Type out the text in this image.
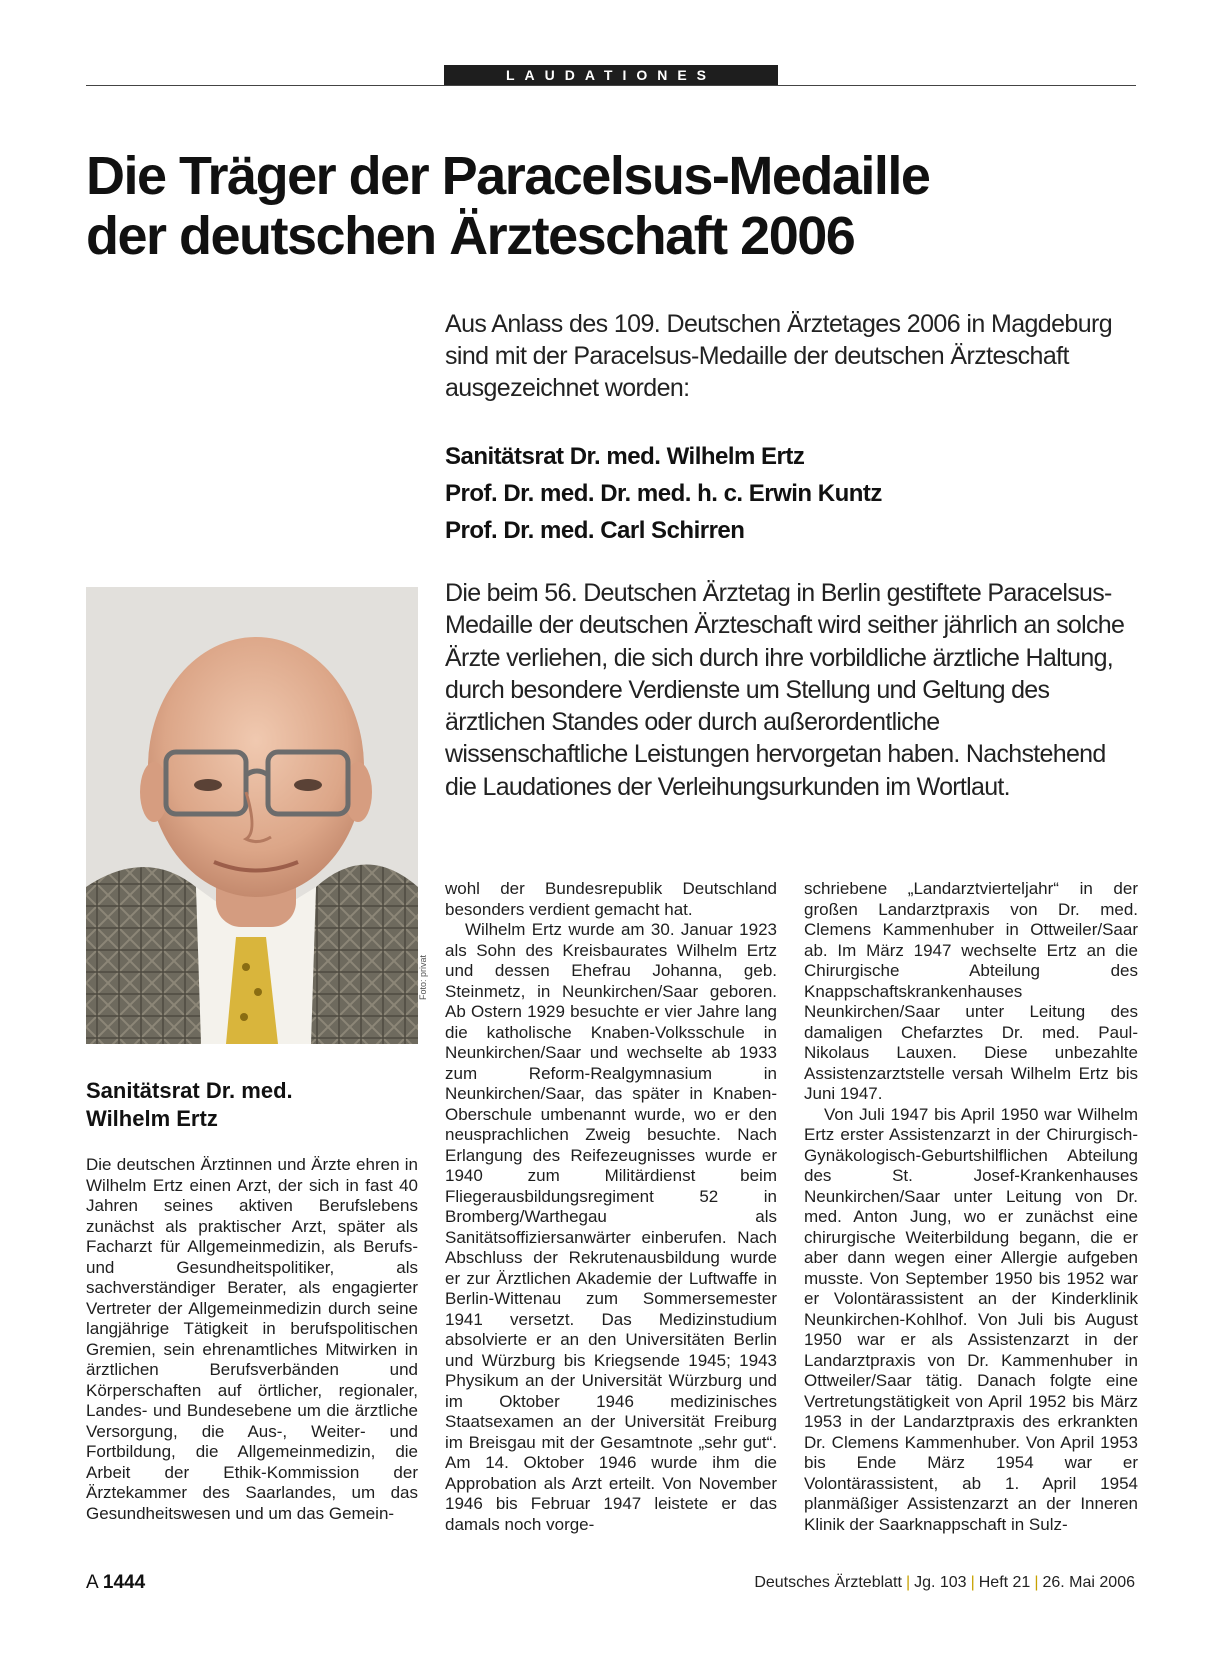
LAUDATIONES
Die Träger der Paracelsus-Medaille
der deutschen Ärzteschaft 2006

Aus Anlass des 109. Deutschen Ärztetages 2006 in Magdeburg sind mit der Paracelsus-Medaille der deutschen Ärzteschaft ausgezeichnet worden:

Sanitätsrat Dr. med. Wilhelm Ertz
Prof. Dr. med. Dr. med. h. c. Erwin Kuntz
Prof. Dr. med. Carl Schirren

Die beim 56. Deutschen Ärztetag in Berlin gestiftete Paracelsus-Medaille der deutschen Ärzteschaft wird seither jährlich an solche Ärzte verliehen, die sich durch ihre vorbildliche ärztliche Haltung, durch besondere Verdienste um Stellung und Geltung des ärztlichen Standes oder durch außerordentliche wissenschaftliche Leistungen hervorgetan haben. Nachstehend die Laudationes der Verleihungsurkunden im Wortlaut.

Foto: privat
Sanitätsrat Dr. med.
Wilhelm Ertz

Die deutschen Ärztinnen und Ärzte ehren in Wilhelm Ertz einen Arzt, der sich in fast 40 Jahren seines aktiven Berufslebens zunächst als praktischer Arzt, später als Facharzt für Allgemeinmedizin, als Berufs- und Gesundheitspolitiker, als sachverständiger Berater, als engagierter Vertreter der Allgemeinmedizin durch seine langjährige Tätigkeit in berufspolitischen Gremien, sein ehrenamtliches Mitwirken in ärztlichen Berufsverbänden und Körperschaften auf örtlicher, regionaler, Landes- und Bundesebene um die ärztliche Versorgung, die Aus-, Weiter- und Fortbildung, die Allgemeinmedizin, die Arbeit der Ethik-Kommission der Ärztekammer des Saarlandes, um das Gesundheitswesen und um das Gemein-

wohl der Bundesrepublik Deutschland besonders verdient gemacht hat.

Wilhelm Ertz wurde am 30. Januar 1923 als Sohn des Kreisbaurates Wilhelm Ertz und dessen Ehefrau Johanna, geb. Steinmetz, in Neunkirchen/Saar geboren. Ab Ostern 1929 besuchte er vier Jahre lang die katholische Knaben-Volksschule in Neunkirchen/Saar und wechselte ab 1933 zum Reform-Realgymnasium in Neunkirchen/Saar, das später in Knaben-Oberschule umbenannt wurde, wo er den neusprachlichen Zweig besuchte. Nach Erlangung des Reifezeugnisses wurde er 1940 zum Militärdienst beim Fliegerausbildungsregiment 52 in Bromberg/Warthegau als Sanitätsoffiziersanwärter einberufen. Nach Abschluss der Rekrutenausbildung wurde er zur Ärztlichen Akademie der Luftwaffe in Berlin-Wittenau zum Sommersemester 1941 versetzt. Das Medizinstudium absolvierte er an den Universitäten Berlin und Würzburg bis Kriegsende 1945; 1943 Physikum an der Universität Würzburg und im Oktober 1946 medizinisches Staatsexamen an der Universität Freiburg im Breisgau mit der Gesamtnote „sehr gut“. Am 14. Oktober 1946 wurde ihm die Approbation als Arzt erteilt. Von November 1946 bis Februar 1947 leistete er das damals noch vorge-

schriebene „Landarztvierteljahr“ in der großen Landarztpraxis von Dr. med. Clemens Kammenhuber in Ottweiler/Saar ab. Im März 1947 wechselte Ertz an die Chirurgische Abteilung des Knappschaftskrankenhauses Neunkirchen/Saar unter Leitung des damaligen Chefarztes Dr. med. Paul-Nikolaus Lauxen. Diese unbezahlte Assistenzarztstelle versah Wilhelm Ertz bis Juni 1947.

Von Juli 1947 bis April 1950 war Wilhelm Ertz erster Assistenzarzt in der Chirurgisch-Gynäkologisch-Geburtshilflichen Abteilung des St. Josef-Krankenhauses Neunkirchen/Saar unter Leitung von Dr. med. Anton Jung, wo er zunächst eine chirurgische Weiterbildung begann, die er aber dann wegen einer Allergie aufgeben musste. Von September 1950 bis 1952 war er Volontärassistent an der Kinderklinik Neunkirchen-Kohlhof. Von Juli bis August 1950 war er als Assistenzarzt in der Landarztpraxis von Dr. Kammenhuber in Ottweiler/Saar tätig. Danach folgte eine Vertretungstätigkeit von April 1952 bis März 1953 in der Landarztpraxis des erkrankten Dr. Clemens Kammenhuber. Von April 1953 bis Ende März 1954 war er Volontärassistent, ab 1. April 1954 planmäßiger Assistenzarzt an der Inneren Klinik der Saarknappschaft in Sulz-

A 1444	Deutsches Ärzteblatt | Jg. 103 | Heft 21 | 26. Mai 2006
